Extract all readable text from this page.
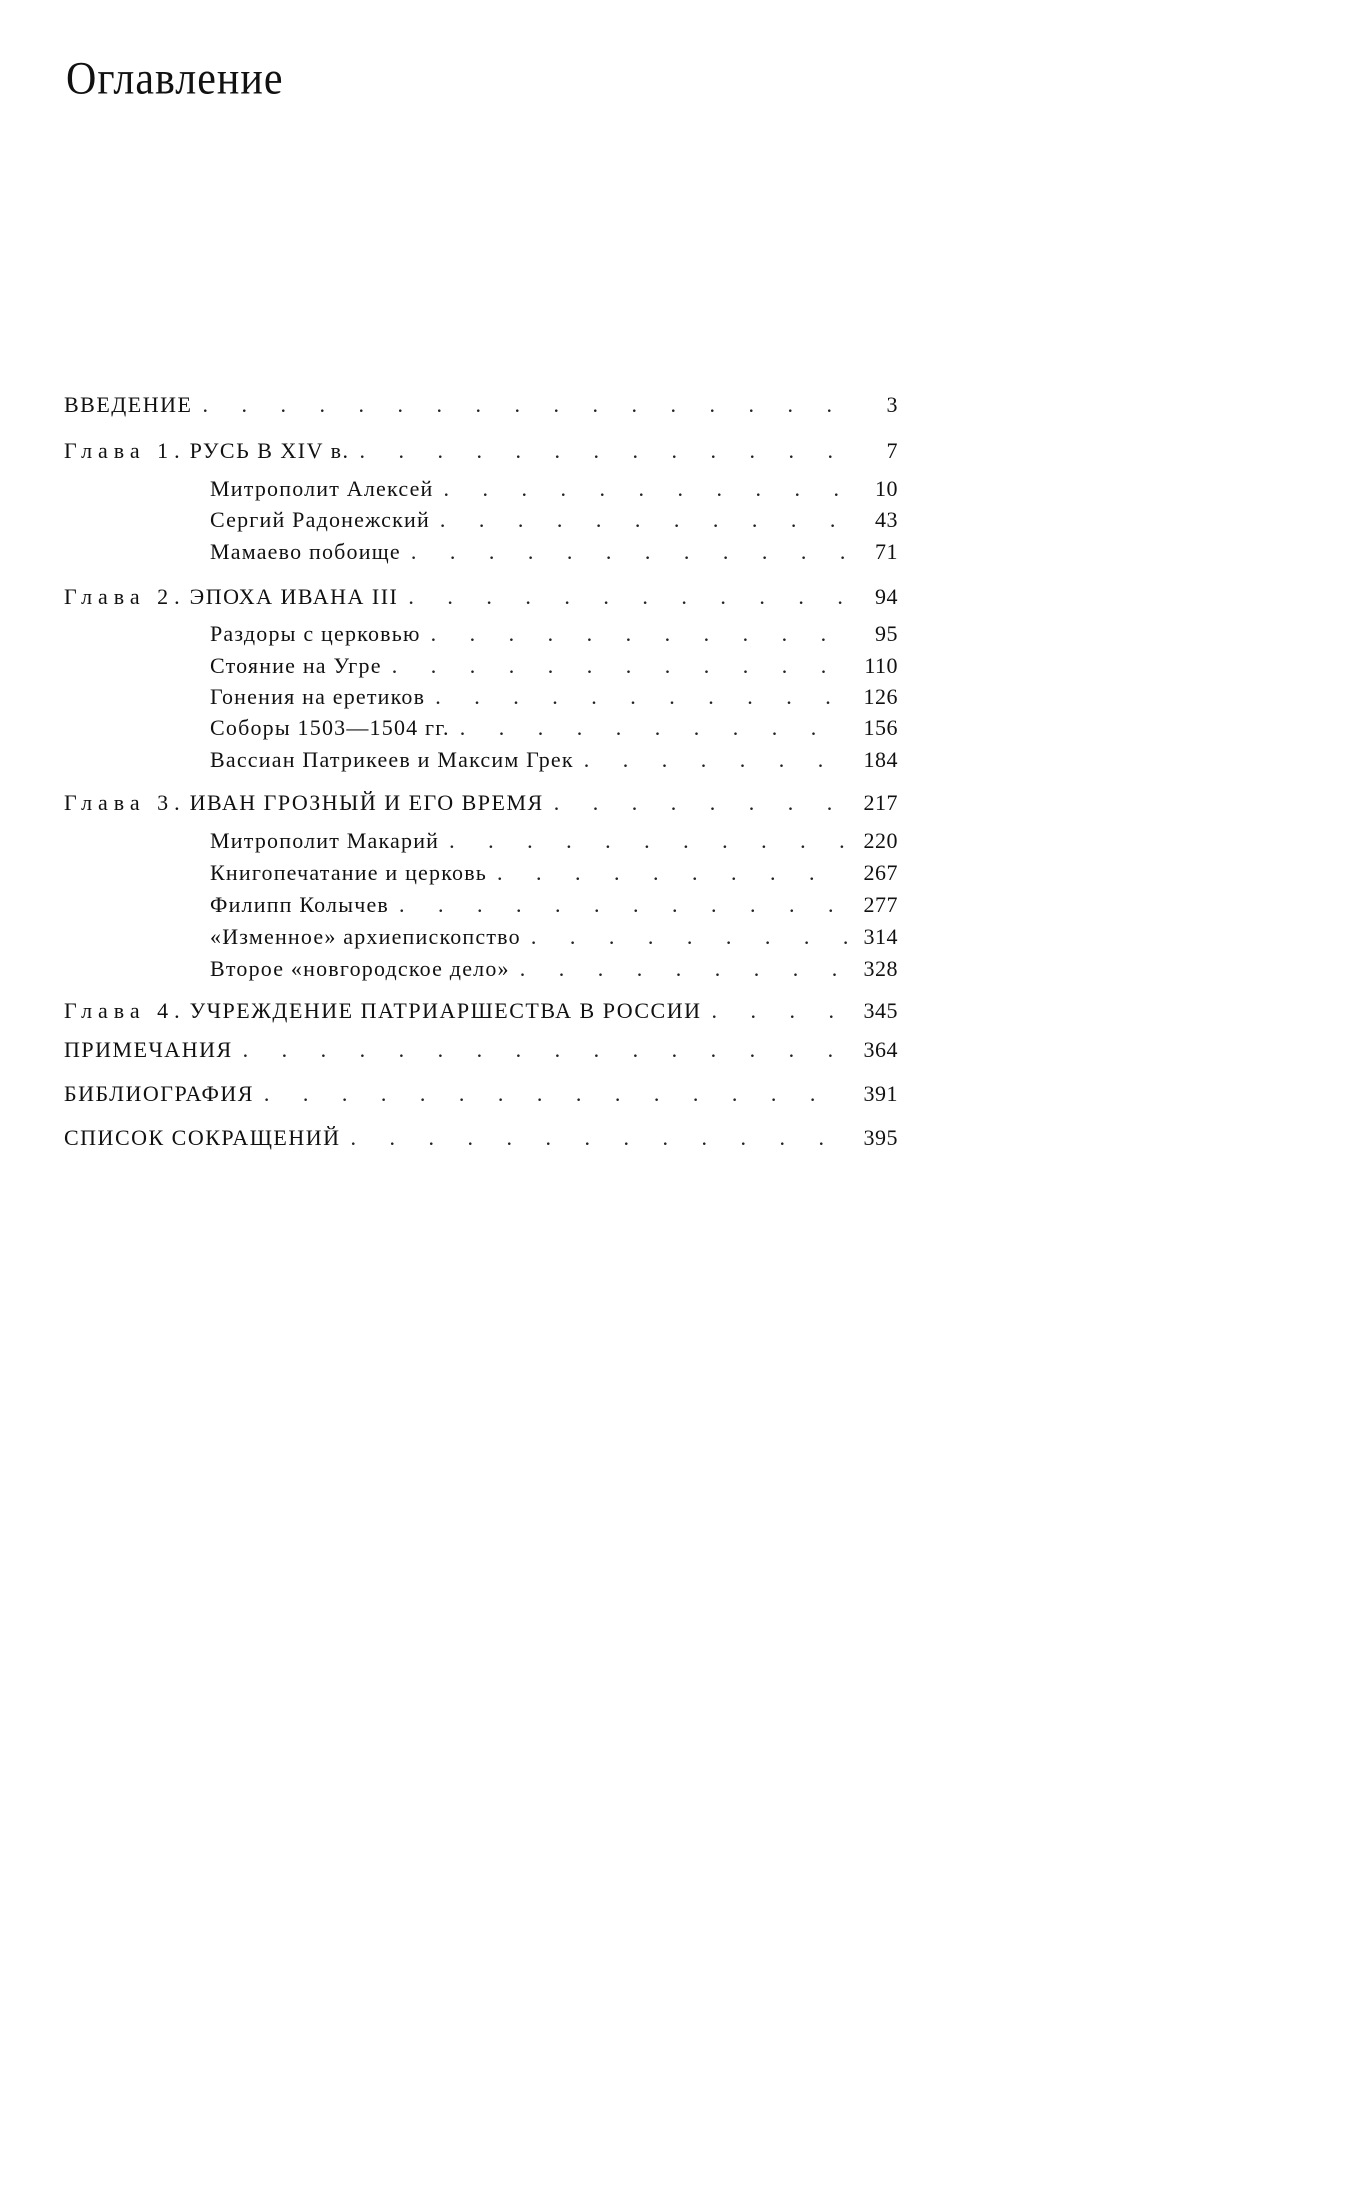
Оглавление
ВВЕДЕНИЕ . . .	3
Глава 1. РУСЬ В XIV в. . . .	7
Митрополит Алексей . . .	10
Сергий Радонежский . . .	43
Мамаево побоище . . .	71
Глава 2. ЭПОХА ИВАНА III . . .	94
Раздоры с церковью . . .	95
Стояние на Угре . . .	110
Гонения на еретиков . . .	126
Соборы 1503—1504 гг. . . .	156
Вассиан Патрикеев и Максим Грек . . .	184
Глава 3. ИВАН ГРОЗНЫЙ И ЕГО ВРЕМЯ . . .	217
Митрополит Макарий . . .	220
Книгопечатание и церковь . . .	267
Филипп Колычев . . .	277
«Изменное» архиепископство . . .	314
Второе «новгородское дело» . . .	328
Глава 4. УЧРЕЖДЕНИЕ ПАТРИАРШЕСТВА В РОССИИ . . .	345
ПРИМЕЧАНИЯ . . .	364
БИБЛИОГРАФИЯ . . .	391
СПИСОК СОКРАЩЕНИЙ . . .	395
